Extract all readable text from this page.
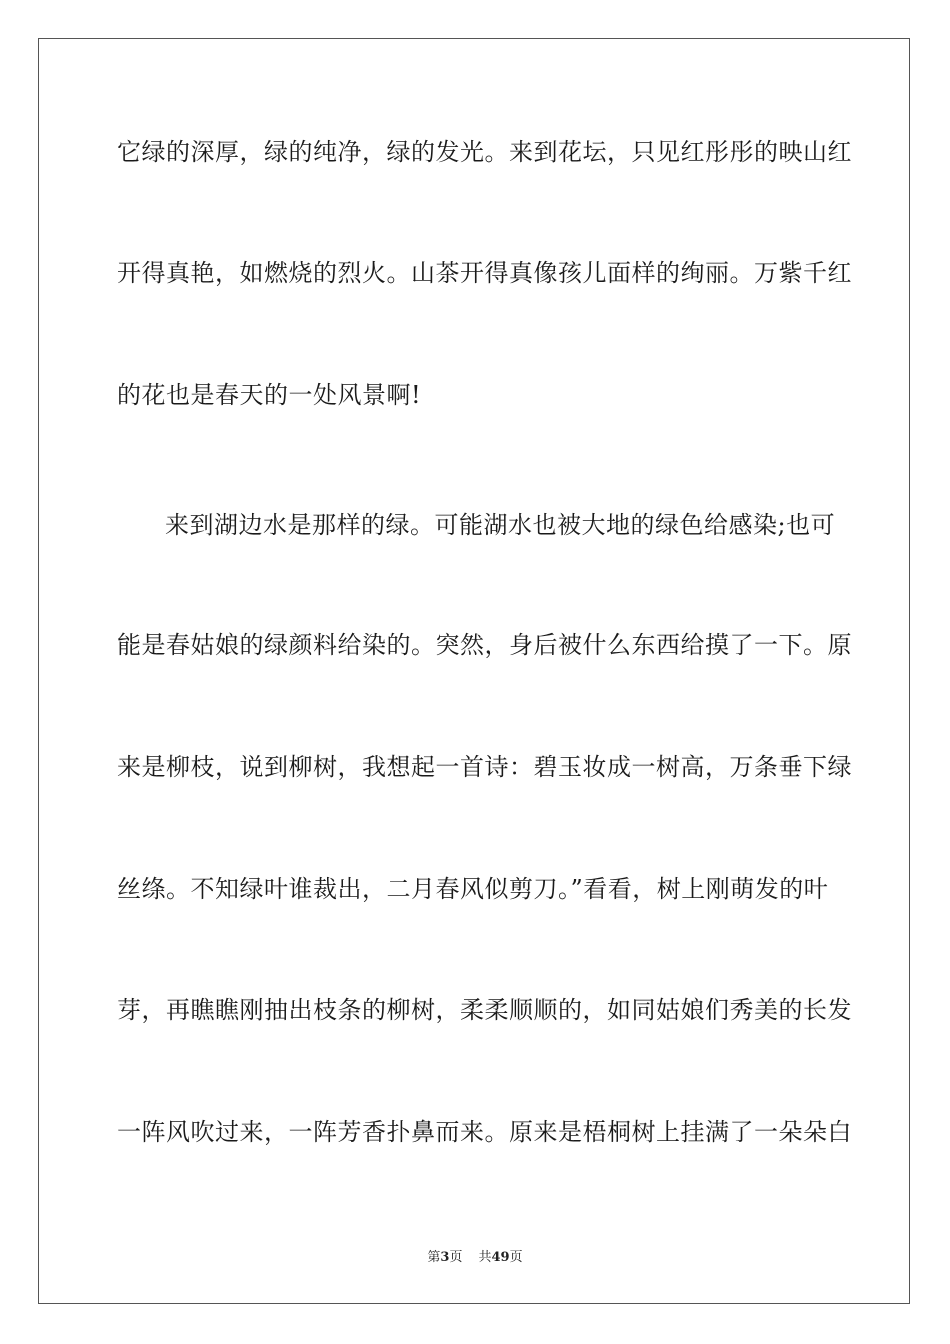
它绿的深厚，绿的纯净，绿的发光。来到花坛，只见红彤彤的映山红
开得真艳，如燃烧的烈火。山茶开得真像孩儿面样的绚丽。万紫千红
的花也是春天的一处风景啊!
来到湖边水是那样的绿。可能湖水也被大地的绿色给感染;也可
能是春姑娘的绿颜料给染的。突然，身后被什么东西给摸了一下。原
来是柳枝，说到柳树，我想起一首诗：碧玉妆成一树高，万条垂下绿
丝绦。不知绿叶谁裁出，二月春风似剪刀。”看看，树上刚萌发的叶
芽，再瞧瞧刚抽出枝条的柳树，柔柔顺顺的，如同姑娘们秀美的长发
一阵风吹过来，一阵芳香扑鼻而来。原来是梧桐树上挂满了一朵朵白
第3页 共49页
